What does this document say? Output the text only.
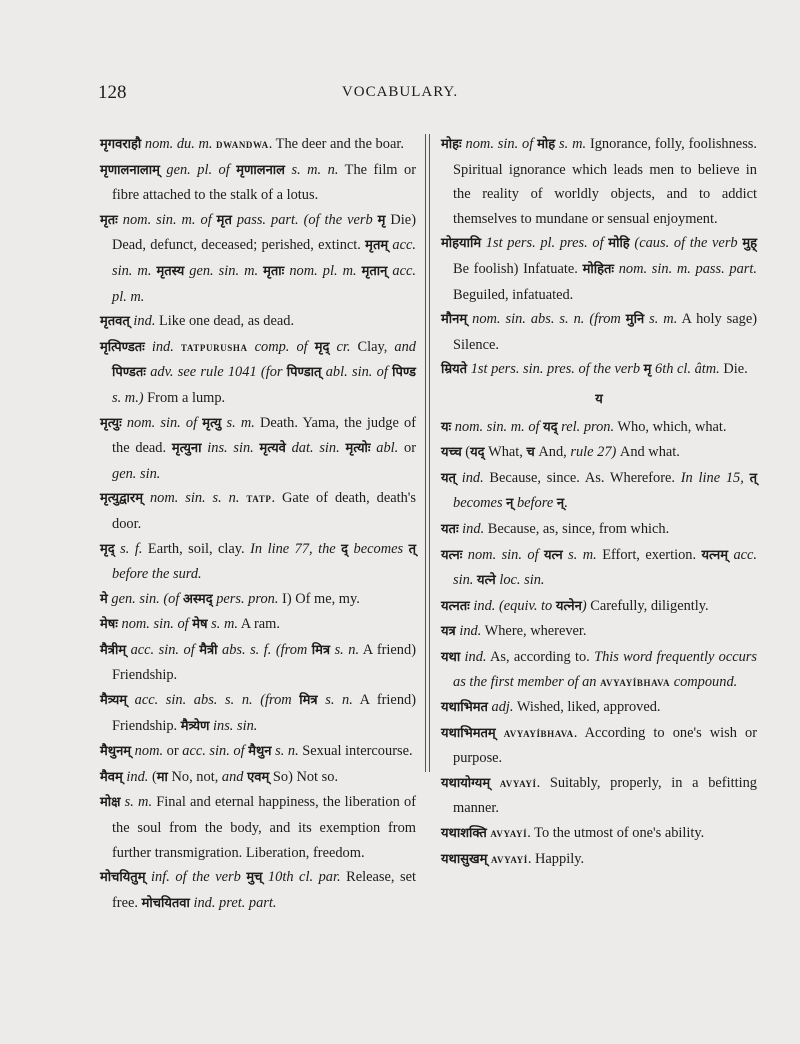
128	VOCABULARY.

मृगवराहौ nom. du. m. dwandwa. The deer and the boar.

मृणालनालाम् gen. pl. of मृणालनाल s. m. n. The film or fibre attached to the stalk of a lotus.

मृतः nom. sin. m. of मृत pass. part. (of the verb मृ Die) Dead, defunct, deceased; perished, extinct. मृतम् acc. sin. m. मृतस्य gen. sin. m. मृताः nom. pl. m. मृतान् acc. pl. m.

मृतवत् ind. Like one dead, as dead.

मृत्पिण्डतः ind. tatpurusha comp. of मृद् cr. Clay, and पिण्डतः adv. see rule 1041 (for पिण्डात् abl. sin. of पिण्ड s. m.) From a lump.

मृत्युः nom. sin. of मृत्यु s. m. Death. Yama, the judge of the dead. मृत्युना ins. sin. मृत्यवे dat. sin. मृत्योः abl. or gen. sin.

मृत्युद्वारम् nom. sin. s. n. tatp. Gate of death, death's door.

मृद् s. f. Earth, soil, clay. In line 77, the द् becomes त् before the surd.

मे gen. sin. (of अस्मद् pers. pron. I) Of me, my.

मेषः nom. sin. of मेष s. m. A ram.

मैत्रीम् acc. sin. of मैत्री abs. s. f. (from मित्र s. n. A friend) Friendship.

मैत्र्यम् acc. sin. abs. s. n. (from मित्र s. n. A friend) Friendship. मैत्र्येण ins. sin.

मैथुनम् nom. or acc. sin. of मैथुन s. n. Sexual intercourse.

मैवम् ind. (मा No, not, and एवम् So) Not so.

मोक्ष s. m. Final and eternal happiness, the liberation of the soul from the body, and its exemption from further transmigration. Liberation, freedom.

मोचयितुम् inf. of the verb मुच् 10th cl. par. Release, set free. मोचयितवा ind. pret. part.

मोहः nom. sin. of मोह s. m. Ignorance, folly, foolishness. Spiritual ignorance which leads men to believe in the reality of worldly objects, and to addict themselves to mundane or sensual enjoyment.

मोहयामि 1st pers. pl. pres. of मोहि (caus. of the verb मुह् Be foolish) Infatuate. मोहितः nom. sin. m. pass. part. Beguiled, infatuated.

मौनम् nom. sin. abs. s. n. (from मुनि s. m. A holy sage) Silence.

म्रियते 1st pers. sin. pres. of the verb मृ 6th cl. âtm. Die.

य

यः nom. sin. m. of यद् rel. pron. Who, which, what.

यच्च (यद् What, च And, rule 27) And what.

यत् ind. Because, since. As. Wherefore. In line 15, त् becomes न् before न्.

यतः ind. Because, as, since, from which.

यत्नः nom. sin. of यत्न s. m. Effort, exertion. यत्नम् acc. sin. यत्ने loc. sin.

यत्नतः ind. (equiv. to यत्नेन) Carefully, diligently.

यत्र ind. Where, wherever.

यथा ind. As, according to. This word frequently occurs as the first member of an avyayíbhava compound.

यथाभिमत adj. Wished, liked, approved.

यथाभिमतम् avyayíbhava. According to one's wish or purpose.

यथायोग्यम् avyayí. Suitably, properly, in a befitting manner.

यथाशक्ति avyayí. To the utmost of one's ability.

यथासुखम् avyayí. Happily.
